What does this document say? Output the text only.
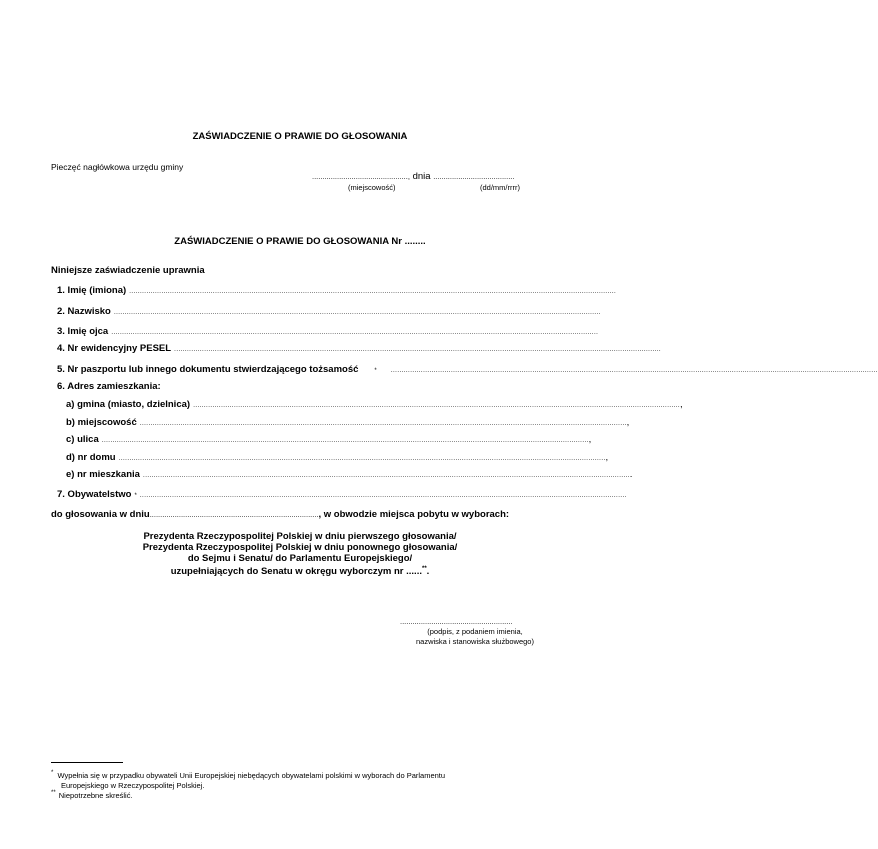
ZAŚWIADCZENIE O PRAWIE DO GŁOSOWANIA
Pieczęć nagłówkowa urzędu gminy
.............................................., dnia .......................................
(miejscowość)	(dd/mm/rrrr)
ZAŚWIADCZENIE O PRAWIE DO GŁOSOWANIA Nr ........
Niniejsze zaświadczenie uprawnia
1. Imię (imiona) ...................................................................................................................................................................................................................................
2. Nazwisko ...................................................................................................................................................................................................................................
3. Imię ojca ...................................................................................................................................................................................................................................
4. Nr ewidencyjny PESEL ...................................................................................................................................................................................................................................
5. Nr paszportu lub innego dokumentu stwierdzającego tożsamość	* ...................................................................................................................................................................................................................................
6. Adres zamieszkania:
a) gmina (miasto, dzielnica) ................................................................................................................................................................................................................................... ,
b) miejscowość ................................................................................................................................................................................................................................... ,
c) ulica ................................................................................................................................................................................................................................... ,
d) nr domu ................................................................................................................................................................................................................................... ,
e) nr mieszkania ................................................................................................................................................................................................................................... .
7. Obywatelstwo * ...................................................................................................................................................................................................................................
do głosowania w dniu................................................................................., w obwodzie miejsca pobytu w wyborach:
Prezydenta Rzeczypospolitej Polskiej w dniu pierwszego głosowania/
Prezydenta Rzeczypospolitej Polskiej w dniu ponownego głosowania/
do Sejmu i Senatu/ do Parlamentu Europejskiego/
uzupełniających do Senatu w okręgu wyborczym nr ......**.
......................................................
(podpis, z podaniem imienia,
nazwiska i stanowiska służbowego)
* Wypełnia się w przypadku obywateli Unii Europejskiej niebędących obywatelami polskimi w wyborach do Parlamentu
Europejskiego w Rzeczypospolitej Polskiej.
** Niepotrzebne skreślić.
